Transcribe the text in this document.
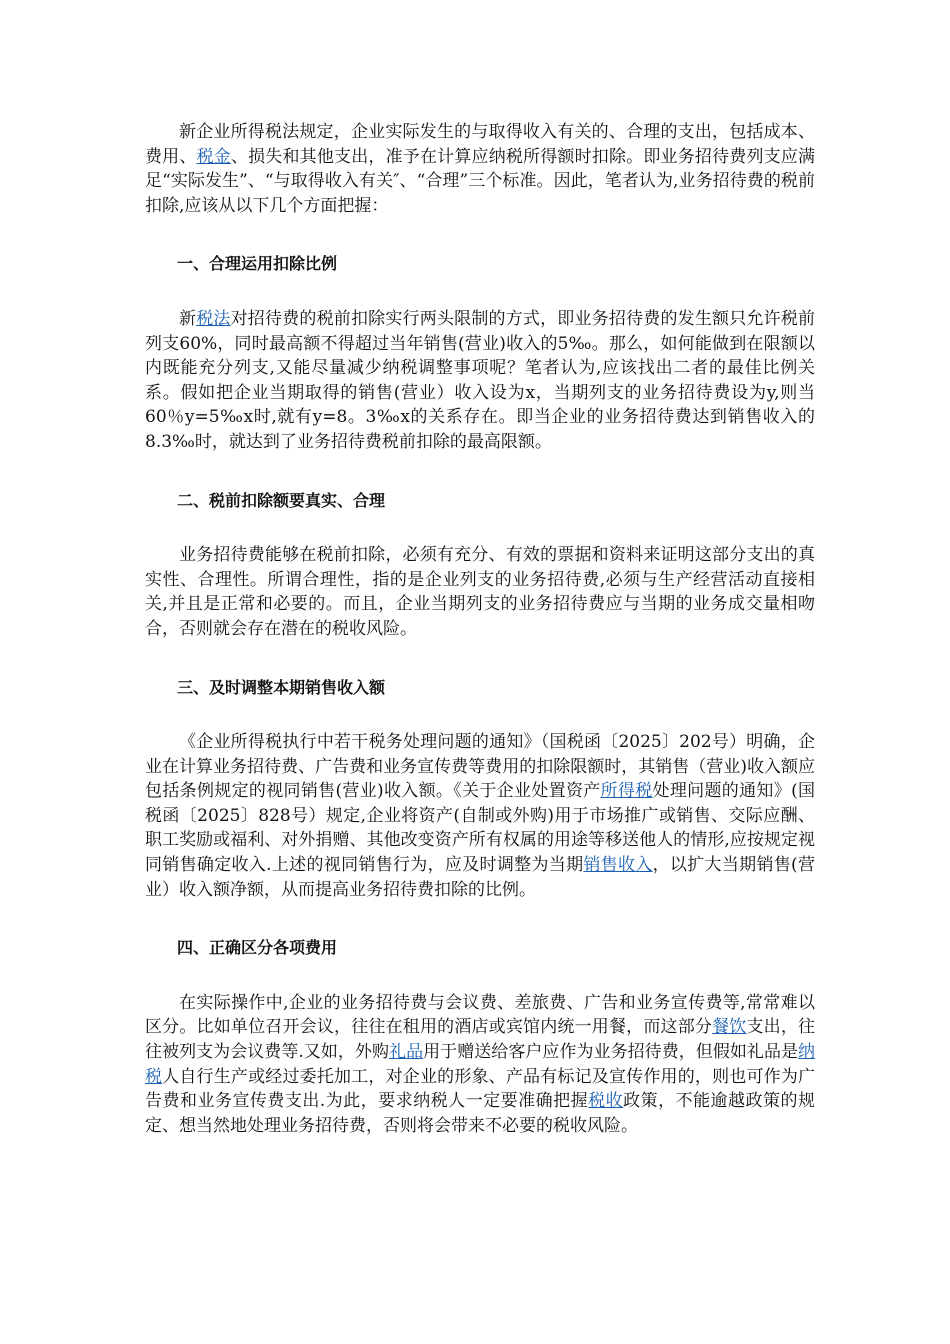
新企业所得税法规定，企业实际发生的与取得收入有关的、合理的支出，包括成本、费用、税金、损失和其他支出，准予在计算应纳税所得额时扣除。即业务招待费列支应满足“实际发生”、“与取得收入有关″、“合理”三个标准。因此，笔者认为,业务招待费的税前扣除,应该从以下几个方面把握：

一、合理运用扣除比例

新税法对招待费的税前扣除实行两头限制的方式，即业务招待费的发生额只允许税前列支60%，同时最高额不得超过当年销售(营业)收入的5‰。那么，如何能做到在限额以内既能充分列支,又能尽量减少纳税调整事项呢？笔者认为,应该找出二者的最佳比例关系。假如把企业当期取得的销售(营业）收入设为x，当期列支的业务招待费设为y,则当60％y=5‰x时,就有y=8。3‰x的关系存在。即当企业的业务招待费达到销售收入的8.3‰时，就达到了业务招待费税前扣除的最高限额。

二、税前扣除额要真实、合理

业务招待费能够在税前扣除，必须有充分、有效的票据和资料来证明这部分支出的真实性、合理性。所谓合理性，指的是企业列支的业务招待费,必须与生产经营活动直接相关,并且是正常和必要的。而且，企业当期列支的业务招待费应与当期的业务成交量相吻合，否则就会存在潜在的税收风险。

三、及时调整本期销售收入额

《企业所得税执行中若干税务处理问题的通知》（国税函〔2025〕202号）明确，企业在计算业务招待费、广告费和业务宣传费等费用的扣除限额时，其销售（营业)收入额应包括条例规定的视同销售(营业)收入额。《关于企业处置资产所得税处理问题的通知》(国税函〔2025〕828号）规定,企业将资产(自制或外购)用于市场推广或销售、交际应酬、职工奖励或福利、对外捐赠、其他改变资产所有权属的用途等移送他人的情形,应按规定视同销售确定收入.上述的视同销售行为，应及时调整为当期销售收入，以扩大当期销售(营业）收入额净额，从而提高业务招待费扣除的比例。

四、正确区分各项费用

在实际操作中,企业的业务招待费与会议费、差旅费、广告和业务宣传费等,常常难以区分。比如单位召开会议，往往在租用的酒店或宾馆内统一用餐，而这部分餐饮支出，往往被列支为会议费等.又如，外购礼品用于赠送给客户应作为业务招待费，但假如礼品是纳税人自行生产或经过委托加工，对企业的形象、产品有标记及宣传作用的，则也可作为广告费和业务宣传费支出.为此，要求纳税人一定要准确把握税收政策，不能逾越政策的规定、想当然地处理业务招待费，否则将会带来不必要的税收风险。
